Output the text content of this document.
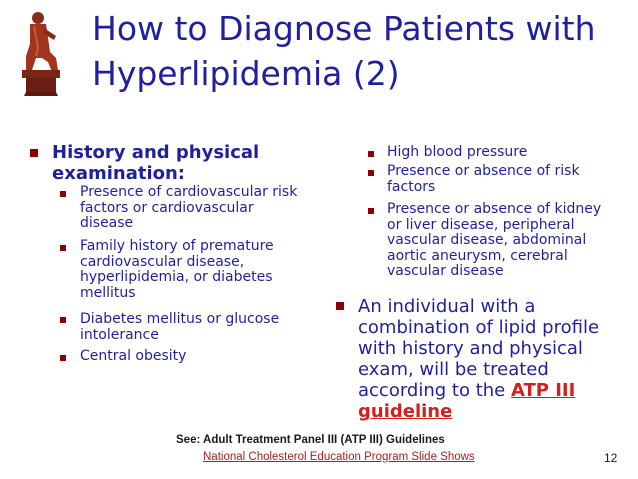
How to Diagnose Patients with
Hyperlipidemia (2)
History and physical examination:
Presence of cardiovascular risk factors or cardiovascular disease
Family history of premature cardiovascular disease, hyperlipidemia, or diabetes mellitus
Diabetes mellitus or glucose intolerance
Central obesity
High blood pressure
Presence or absence of risk factors
Presence or absence of kidney or liver disease, peripheral vascular disease, abdominal aortic aneurysm, cerebral vascular disease
An individual with a combination of lipid profile with history and physical exam, will be treated according to the ATP III guideline
See: Adult Treatment Panel III (ATP III) Guidelines
National Cholesterol Education Program Slide Shows	12
